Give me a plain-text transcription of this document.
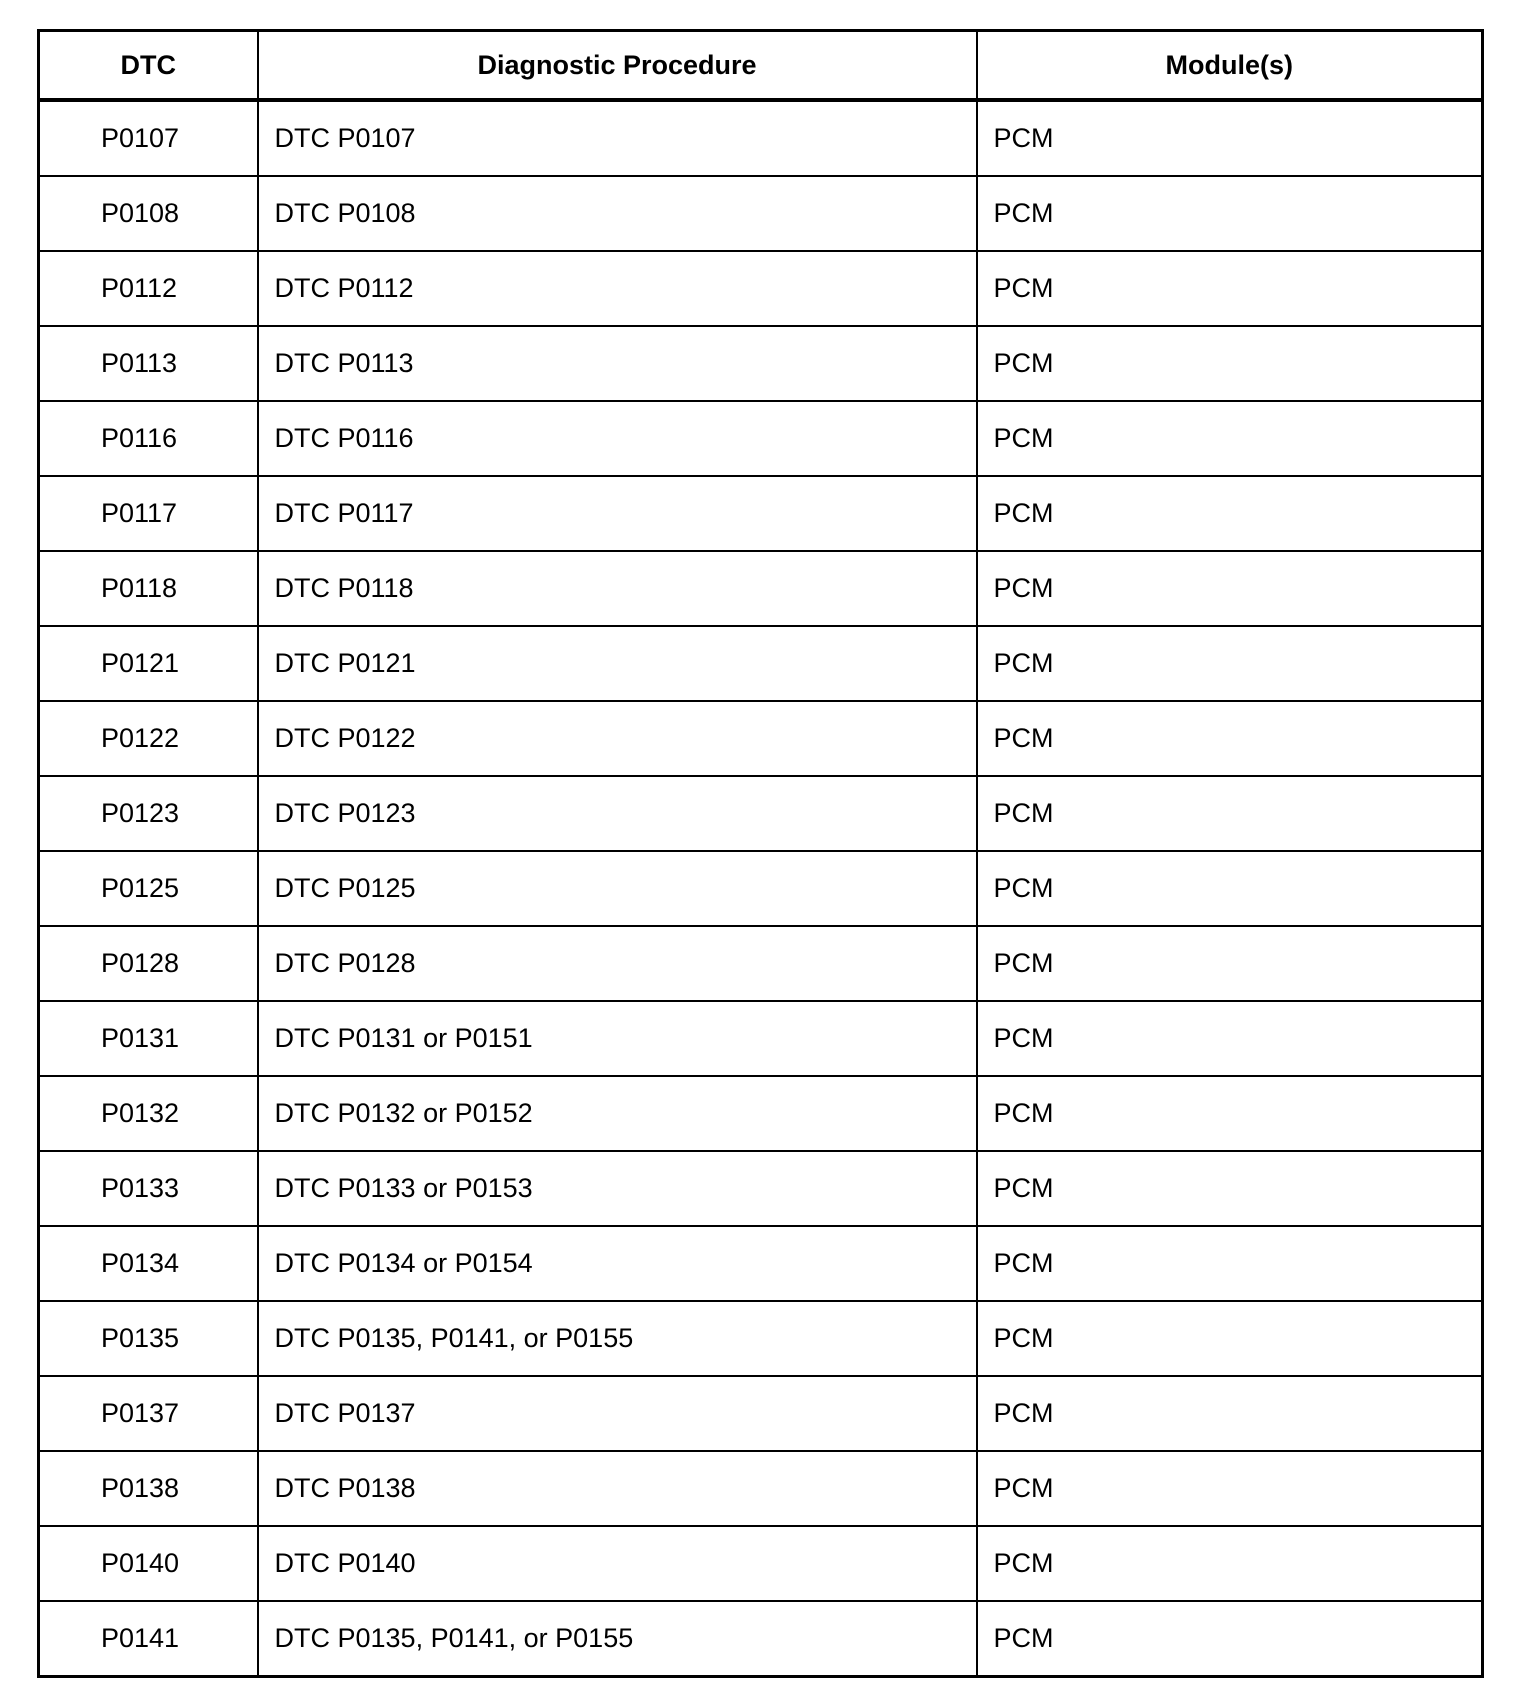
DTC	Diagnostic Procedure	Module(s)
P0107	DTC P0107	PCM
P0108	DTC P0108	PCM
P0112	DTC P0112	PCM
P0113	DTC P0113	PCM
P0116	DTC P0116	PCM
P0117	DTC P0117	PCM
P0118	DTC P0118	PCM
P0121	DTC P0121	PCM
P0122	DTC P0122	PCM
P0123	DTC P0123	PCM
P0125	DTC P0125	PCM
P0128	DTC P0128	PCM
P0131	DTC P0131 or P0151	PCM
P0132	DTC P0132 or P0152	PCM
P0133	DTC P0133 or P0153	PCM
P0134	DTC P0134 or P0154	PCM
P0135	DTC P0135, P0141, or P0155	PCM
P0137	DTC P0137	PCM
P0138	DTC P0138	PCM
P0140	DTC P0140	PCM
P0141	DTC P0135, P0141, or P0155	PCM
